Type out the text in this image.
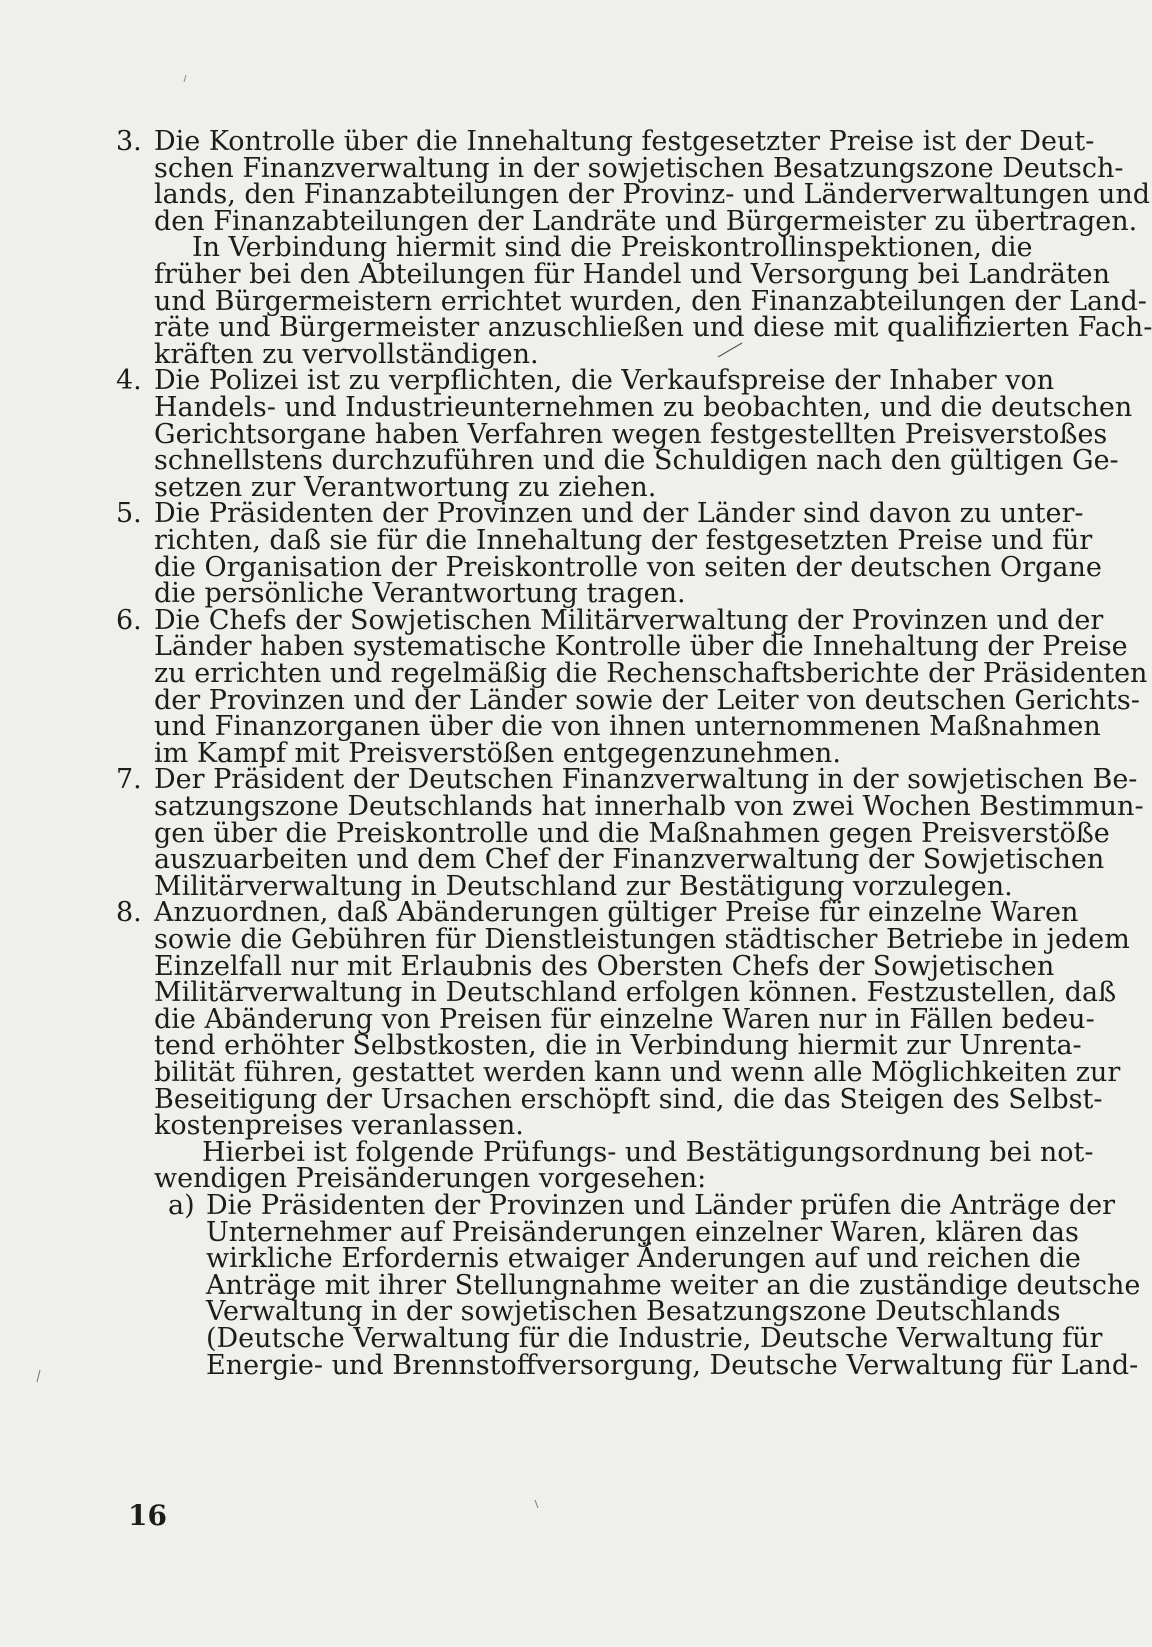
3. Die Kontrolle über die Innehaltung festgesetzter Preise ist der Deut-
schen Finanzverwaltung in der sowjetischen Besatzungszone Deutsch-
lands, den Finanzabteilungen der Provinz- und Länderverwaltungen und
den Finanzabteilungen der Landräte und Bürgermeister zu übertragen.
In Verbindung hiermit sind die Preiskontrollinspektionen, die
früher bei den Abteilungen für Handel und Versorgung bei Landräten
und Bürgermeistern errichtet wurden, den Finanzabteilungen der Land-
räte und Bürgermeister anzuschließen und diese mit qualifizierten Fach-
kräften zu vervollständigen.
4. Die Polizei ist zu verpflichten, die Verkaufspreise der Inhaber von
Handels- und Industrieunternehmen zu beobachten, und die deutschen
Gerichtsorgane haben Verfahren wegen festgestellten Preisverstoßes
schnellstens durchzuführen und die Schuldigen nach den gültigen Ge-
setzen zur Verantwortung zu ziehen.
5. Die Präsidenten der Provinzen und der Länder sind davon zu unter-
richten, daß sie für die Innehaltung der festgesetzten Preise und für
die Organisation der Preiskontrolle von seiten der deutschen Organe
die persönliche Verantwortung tragen.
6. Die Chefs der Sowjetischen Militärverwaltung der Provinzen und der
Länder haben systematische Kontrolle über die Innehaltung der Preise
zu errichten und regelmäßig die Rechenschaftsberichte der Präsidenten
der Provinzen und der Länder sowie der Leiter von deutschen Gerichts-
und Finanzorganen über die von ihnen unternommenen Maßnahmen
im Kampf mit Preisverstößen entgegenzunehmen.
7. Der Präsident der Deutschen Finanzverwaltung in der sowjetischen Be-
satzungszone Deutschlands hat innerhalb von zwei Wochen Bestimmun-
gen über die Preiskontrolle und die Maßnahmen gegen Preisverstöße
auszuarbeiten und dem Chef der Finanzverwaltung der Sowjetischen
Militärverwaltung in Deutschland zur Bestätigung vorzulegen.
8. Anzuordnen, daß Abänderungen gültiger Preise für einzelne Waren
sowie die Gebühren für Dienstleistungen städtischer Betriebe in jedem
Einzelfall nur mit Erlaubnis des Obersten Chefs der Sowjetischen
Militärverwaltung in Deutschland erfolgen können. Festzustellen, daß
die Abänderung von Preisen für einzelne Waren nur in Fällen bedeu-
tend erhöhter Selbstkosten, die in Verbindung hiermit zur Unrenta-
bilität führen, gestattet werden kann und wenn alle Möglichkeiten zur
Beseitigung der Ursachen erschöpft sind, die das Steigen des Selbst-
kostenpreises veranlassen.
Hierbei ist folgende Prüfungs- und Bestätigungsordnung bei not-
wendigen Preisänderungen vorgesehen:
a) Die Präsidenten der Provinzen und Länder prüfen die Anträge der
Unternehmer auf Preisänderungen einzelner Waren, klären das
wirkliche Erfordernis etwaiger Änderungen auf und reichen die
Anträge mit ihrer Stellungnahme weiter an die zuständige deutsche
Verwaltung in der sowjetischen Besatzungszone Deutschlands
(Deutsche Verwaltung für die Industrie, Deutsche Verwaltung für
Energie- und Brennstoffversorgung, Deutsche Verwaltung für Land-
16
